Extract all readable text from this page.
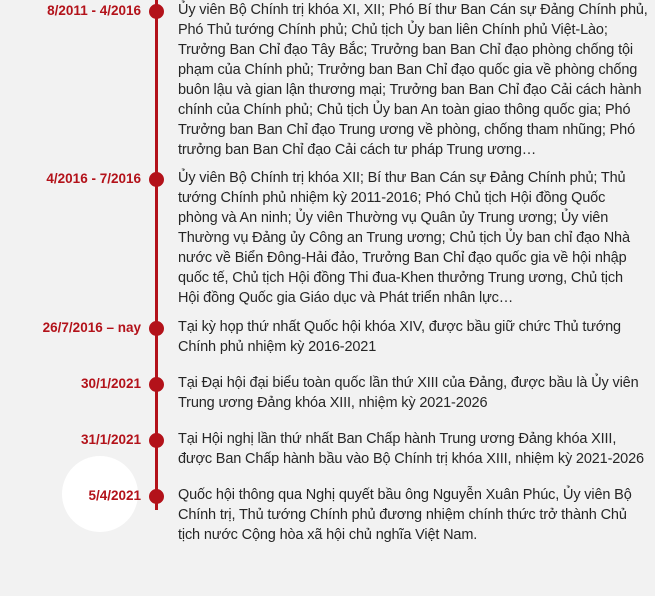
8/2011 - 4/2016	Ủy viên Bộ Chính trị khóa XI, XII; Phó Bí thư Ban Cán sự Đảng Chính phủ, Phó Thủ tướng Chính phủ; Chủ tịch Ủy ban liên Chính phủ Việt-Lào; Trưởng Ban Chỉ đạo Tây Bắc; Trưởng ban Ban Chỉ đạo phòng chống tội phạm của Chính phủ; Trưởng ban Ban Chỉ đạo quốc gia về phòng chống buôn lậu và gian lận thương mại; Trưởng ban Ban Chỉ đạo Cải cách hành chính của Chính phủ; Chủ tịch Ủy ban An toàn giao thông quốc gia; Phó Trưởng ban Ban Chỉ đạo Trung ương về phòng, chống tham nhũng; Phó trưởng ban Ban Chỉ đạo Cải cách tư pháp Trung ương…

4/2016 - 7/2016	Ủy viên Bộ Chính trị khóa XII; Bí thư Ban Cán sự Đảng Chính phủ; Thủ tướng Chính phủ nhiệm kỳ 2011-2016; Phó Chủ tịch Hội đồng Quốc phòng và An ninh; Ủy viên Thường vụ Quân ủy Trung ương; Ủy viên Thường vụ Đảng ủy Công an Trung ương; Chủ tịch Ủy ban chỉ đạo Nhà nước về Biển Đông-Hải đảo, Trưởng Ban Chỉ đạo quốc gia về hội nhập quốc tế, Chủ tịch Hội đồng Thi đua-Khen thưởng Trung ương, Chủ tịch Hội đồng Quốc gia Giáo dục và Phát triển nhân lực…

26/7/2016 – nay	Tại kỳ họp thứ nhất Quốc hội khóa XIV, được bầu giữ chức Thủ tướng Chính phủ nhiệm kỳ 2016-2021

30/1/2021	Tại Đại hội đại biểu toàn quốc lần thứ XIII của Đảng, được bầu là Ủy viên Trung ương Đảng khóa XIII, nhiệm kỳ 2021-2026

31/1/2021	Tại Hội nghị lần thứ nhất Ban Chấp hành Trung ương Đảng khóa XIII, được Ban Chấp hành bầu vào Bộ Chính trị khóa XIII, nhiệm kỳ 2021-2026

5/4/2021	Quốc hội thông qua Nghị quyết bầu ông Nguyễn Xuân Phúc, Ủy viên Bộ Chính trị, Thủ tướng Chính phủ đương nhiệm chính thức trở thành Chủ tịch nước Cộng hòa xã hội chủ nghĩa Việt Nam.
